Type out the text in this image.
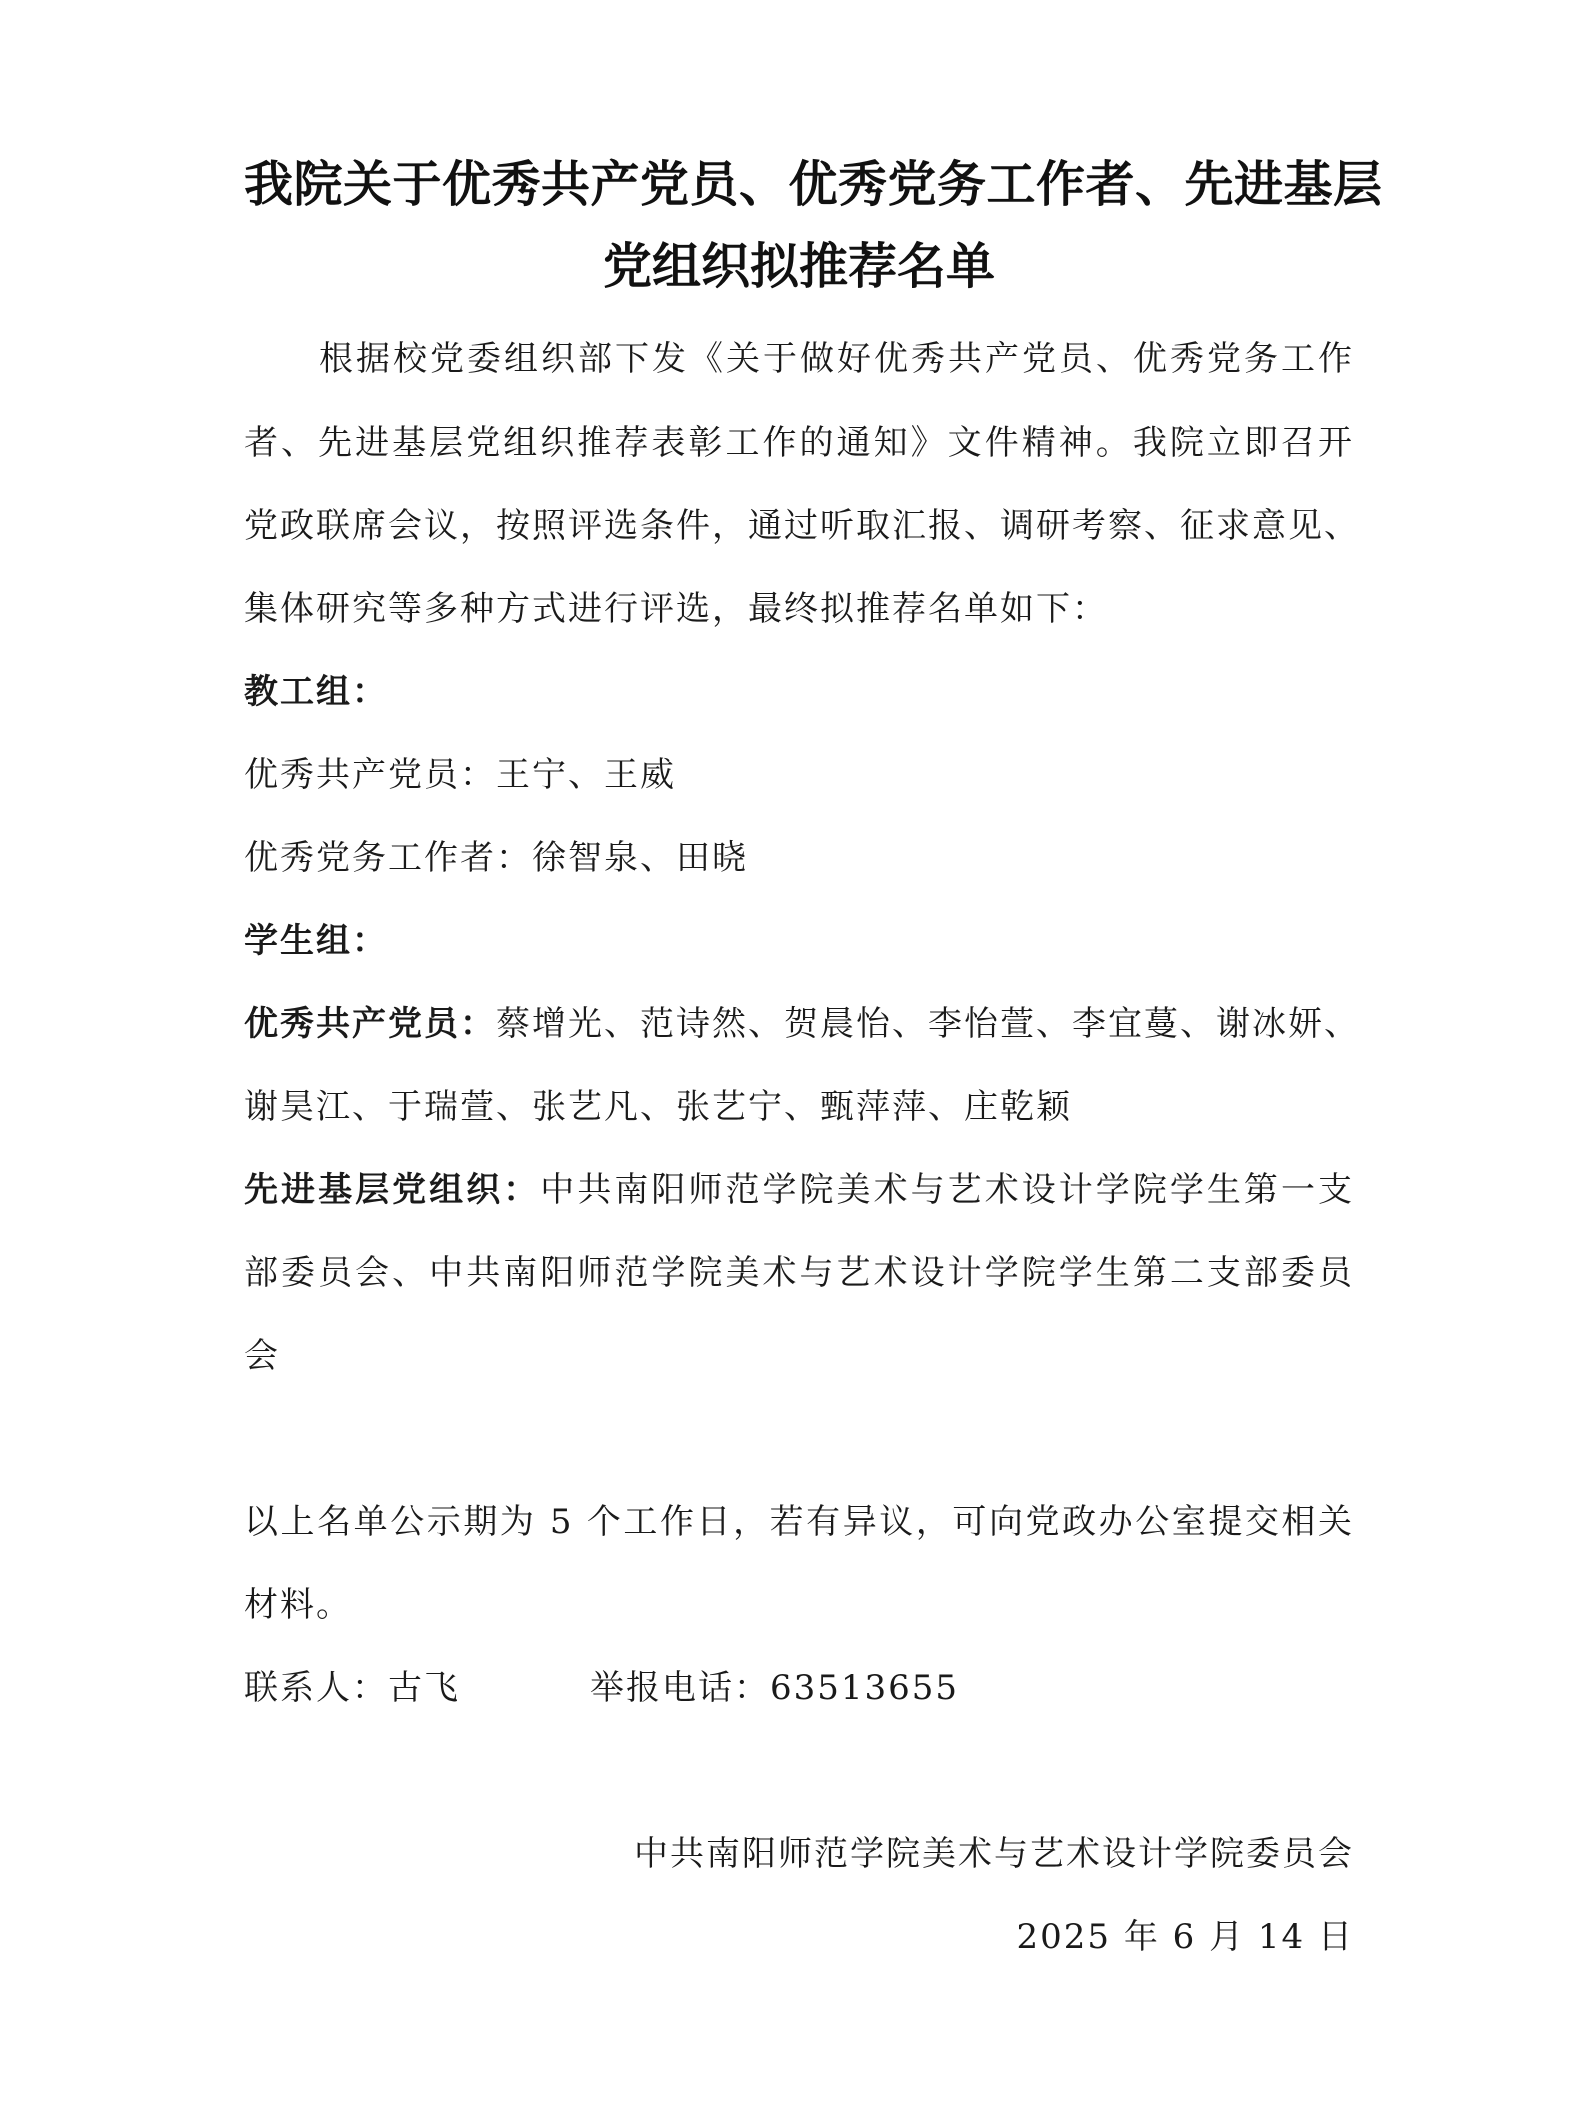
我院关于优秀共产党员、优秀党务工作者、先进基层
党组织拟推荐名单

根据校党委组织部下发《关于做好优秀共产党员、优秀党务工作

者、先进基层党组织推荐表彰工作的通知》文件精神。我院立即召开

党政联席会议，按照评选条件，通过听取汇报、调研考察、征求意见、

集体研究等多种方式进行评选，最终拟推荐名单如下：

教工组：

优秀共产党员：王宁、王威

优秀党务工作者：徐智泉、田晓

学生组：

优秀共产党员：蔡增光、范诗然、贺晨怡、李怡萱、李宜蔓、谢冰妍、

谢昊江、于瑞萱、张艺凡、张艺宁、甄萍萍、庄乾颖

先进基层党组织：中共南阳师范学院美术与艺术设计学院学生第一支

部委员会、中共南阳师范学院美术与艺术设计学院学生第二支部委员

会

以上名单公示期为 5 个工作日，若有异议，可向党政办公室提交相关

材料。

联系人：古飞	举报电话：63513655

中共南阳师范学院美术与艺术设计学院委员会

2025 年 6 月 14 日
